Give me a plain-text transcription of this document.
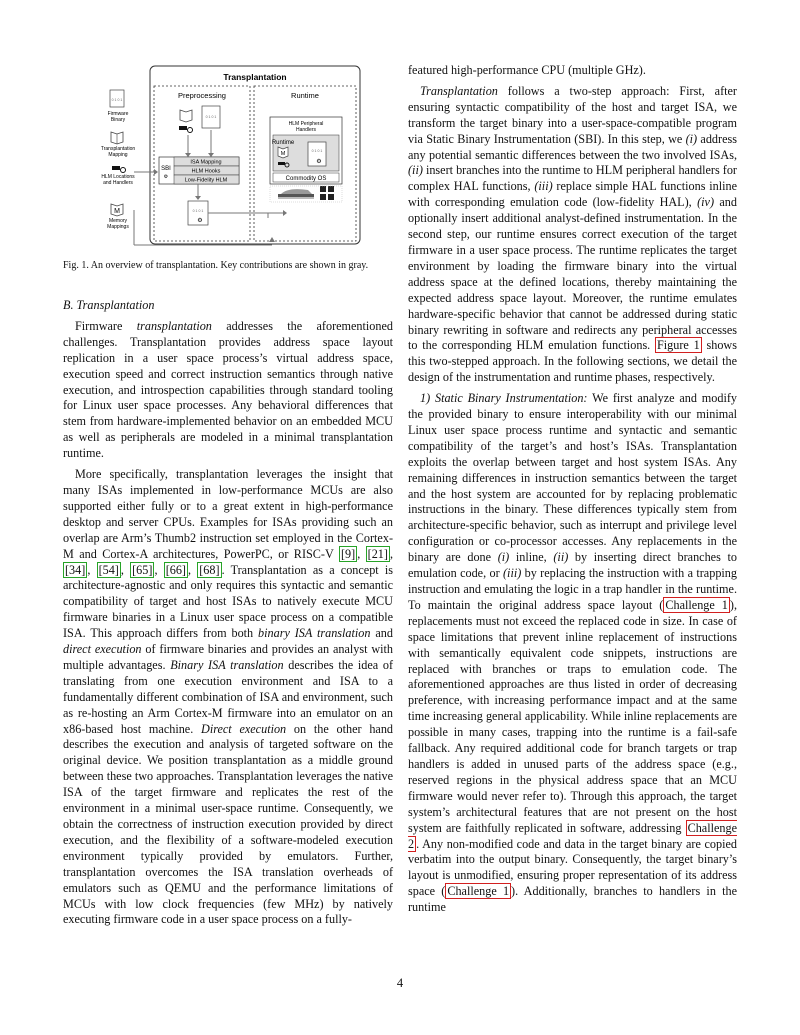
Transplantation
Preprocessing	Runtime
0 1 0 1
Firmware
Binary
Transplantation
Mapping
HLM Locations
and Handlers
M
Memory
Mappings
0 1 0 1
SBI
⚙
ISA Mapping
HLM Hooks
Low-Fidelity HLM
0 1 0 1
⚙
HLM Peripheral
Handlers
Runtime
M	0 1 0 1
⚙
Commodity OS
Fig. 1. An overview of transplantation. Key contributions are shown in gray.

B. Transplantation

Firmware transplantation addresses the aforementioned challenges. Transplantation provides address space layout replication in a user space process’s virtual address space, execution speed and correct instruction semantics through native execution, and introspection capabilities through standard tooling for Linux user space processes. Any behavioral differences that stem from hardware-implemented behavior on an embedded MCU as well as peripherals are modeled in a minimal transplantation runtime.

More specifically, transplantation leverages the insight that many ISAs implemented in low-performance MCUs are also supported either fully or to a great extent in high-performance desktop and server CPUs. Examples for ISAs providing such an overlap are Arm’s Thumb2 instruction set employed in the Cortex-M and Cortex-A architectures, PowerPC, or RISC-V [9] , [21] , [34] , [54] , [65] , [66] , [68] . Transplantation as a concept is architecture-agnostic and only requires this syntactic and semantic compatibility of target and host ISAs to natively execute MCU firmware binaries in a Linux user space process on a compatible ISA. This approach differs from both binary ISA translation and direct execution of firmware binaries and provides an analyst with multiple advantages. Binary ISA translation describes the idea of translating from one execution environment and ISA to a fundamentally different combination of ISA and environment, such as re-hosting an Arm Cortex-M firmware into an emulator on an x86-based host machine. Direct execution on the other hand describes the execution and analysis of targeted software on the original device. We position transplantation as a middle ground between these two approaches. Transplantation leverages the native ISA of the target firmware and replicates the rest of the environment in a minimal user-space runtime. Consequently, we obtain the correctness of instruction execution provided by direct execution, and the flexibility of a software-modeled execution environment typically provided by emulators. Further, transplantation overcomes the ISA translation overheads of emulators such as QEMU and the performance limitations of MCUs with low clock frequencies (few MHz) by natively executing firmware code in a user space process on a fully-

featured high-performance CPU (multiple GHz).

Transplantation follows a two-step approach: First, after ensuring syntactic compatibility of the host and target ISA, we transform the target binary into a user-space-compatible program via Static Binary Instrumentation (SBI). In this step, we (i) address any potential semantic differences between the two involved ISAs, (ii) insert branches into the runtime to HLM peripheral handlers for complex HAL functions, (iii) replace simple HAL functions inline with corresponding emulation code (low-fidelity HAL), (iv) and optionally insert additional analyst-defined instrumentation. In the second step, our runtime ensures correct execution of the target firmware in a user space process. The runtime replicates the target environment by loading the firmware binary into the virtual address space at the defined locations, thereby maintaining the expected address space layout. Moreover, the runtime emulates hardware-specific behavior that cannot be addressed during static binary rewriting in software and redirects any peripheral accesses to the corresponding HLM emulation functions. Figure 1 shows this two-stepped approach. In the following sections, we detail the design of the instrumentation and runtime phases, respectively.

1) Static Binary Instrumentation: We first analyze and modify the provided binary to ensure interoperability with our minimal Linux user space process runtime and syntactic and semantic compatibility of the target’s and host’s ISAs. Transplantation exploits the overlap between target and host system ISAs. Any remaining differences in instruction semantics between the target and the host system are accounted for by replacing problematic instructions in the binary. These differences typically stem from architecture-specific behavior, such as interrupt and privilege level configuration or co-processor accesses. Any replacements in the binary are done (i) inline, (ii) by inserting direct branches to emulation code, or (iii) by replacing the instruction with a trapping instruction and emulating the logic in a trap handler in the runtime. To maintain the original address space layout ( Challenge 1 ), replacements must not exceed the replaced code in size. In case of space limitations that prevent inline replacement of instructions with semantically equivalent code snippets, instructions are replaced with branches or traps to emulation code. The aforementioned approaches are thus listed in order of decreasing preference, with increasing performance impact and at the same time increasing general applicability. While inline replacements are possible in many cases, trapping into the runtime is a fail-safe fallback. Any required additional code for branch targets or trap handlers is added in unused parts of the address space (e.g., reserved regions in the physical address space that an MCU firmware would never refer to). Through this approach, the target system’s architectural features that are not present on the host system are faithfully replicated in software, addressing Challenge 2 . Any non-modified code and data in the target binary are copied verbatim into the output binary. Consequently, the target binary’s layout is unmodified, ensuring proper representation of its address space ( Challenge 1 ). Additionally, branches to handlers in the runtime

4
